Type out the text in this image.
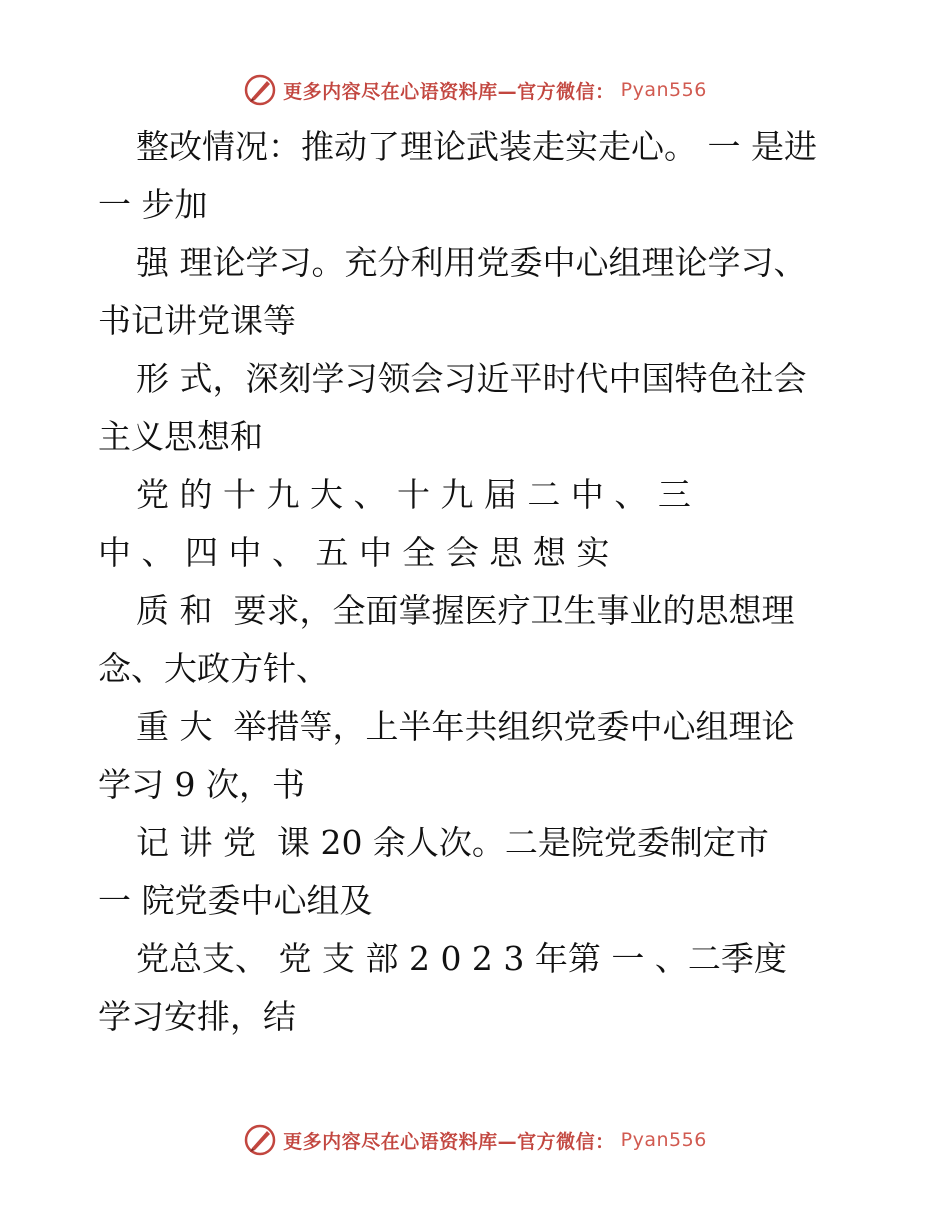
更多内容尽在心语资料库—官方微信： Pyan556
整改情况：推动了理论武装走实走心。 一 是进
一 步加
强 理论学习。充分利用党委中心组理论学习、
书记讲党课等
形 式，深刻学习领会习近平时代中国特色社会
主义思想和
党 的 十 九 大 、 十 九 届 二 中 、 三
中 、 四 中 、 五 中 全 会 思 想 实
质 和  要求，全面掌握医疗卫生事业的思想理
念、大政方针、
重 大  举措等，上半年共组织党委中心组理论
学习 9 次，书
记 讲 党  课 20 余人次。二是院党委制定市
一 院党委中心组及
党总支、 党 支 部 2 0 2 3 年第 一 、二季度
学习安排，结
更多内容尽在心语资料库—官方微信： Pyan556
